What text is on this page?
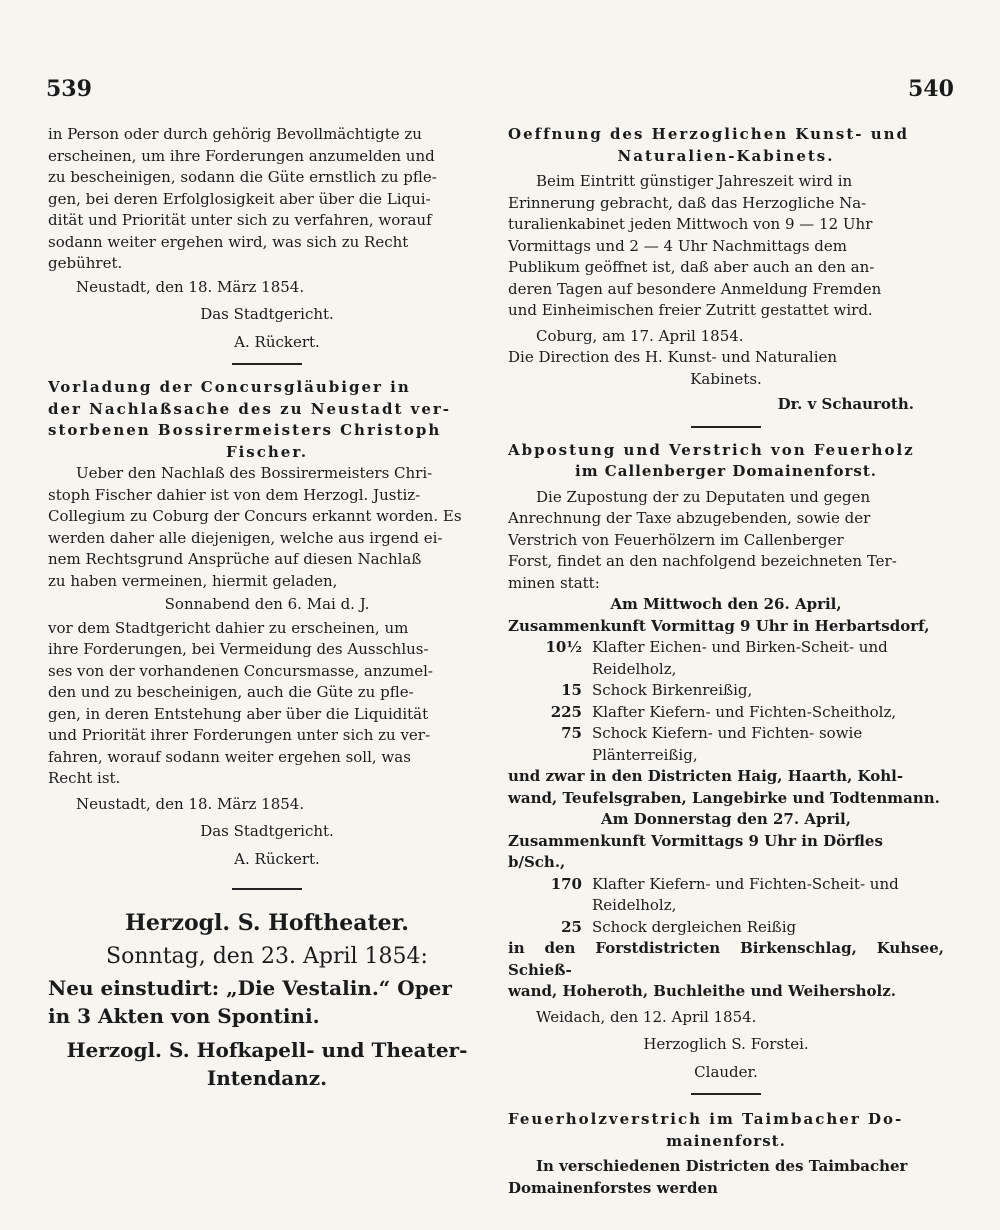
539	540

in Person oder durch gehörig Bevollmächtigte zu

erscheinen, um ihre Forderungen anzumelden und

zu bescheinigen, sodann die Güte ernstlich zu pfle-

gen, bei deren Erfolglosigkeit aber über die Liqui-

dität und Priorität unter sich zu verfahren, worauf

sodann weiter ergehen wird, was sich zu Recht

gebühret.

Neustadt, den 18. März 1854.

Das Stadtgericht.

A. Rückert.

Vorladung der Concursgläubiger in

der Nachlaßsache des zu Neustadt ver-

storbenen Bossirermeisters Christoph

Fischer.

Ueber den Nachlaß des Bossirermeisters Chri-

stoph Fischer dahier ist von dem Herzogl. Justiz-

Collegium zu Coburg der Concurs erkannt worden. Es

werden daher alle diejenigen, welche aus irgend ei-

nem Rechtsgrund Ansprüche auf diesen Nachlaß

zu haben vermeinen, hiermit geladen,

Sonnabend den 6. Mai d. J.

vor dem Stadtgericht dahier zu erscheinen, um

ihre Forderungen, bei Vermeidung des Ausschlus-

ses von der vorhandenen Concursmasse, anzumel-

den und zu bescheinigen, auch die Güte zu pfle-

gen, in deren Entstehung aber über die Liquidität

und Priorität ihrer Forderungen unter sich zu ver-

fahren, worauf sodann weiter ergehen soll, was

Recht ist.

Neustadt, den 18. März 1854.

Das Stadtgericht.

A. Rückert.

Herzogl. S. Hoftheater.

Sonntag, den 23. April 1854:

Neu einstudirt: „Die Vestalin.“ Oper

in 3 Akten von Spontini.

Herzogl. S. Hofkapell- und Theater-

Intendanz.

Oeffnung des Herzoglichen Kunst- und

Naturalien-Kabinets.

Beim Eintritt günstiger Jahreszeit wird in

Erinnerung gebracht, daß das Herzogliche Na-

turalienkabinet jeden Mittwoch von 9 — 12 Uhr

Vormittags und 2 — 4 Uhr Nachmittags dem

Publikum geöffnet ist, daß aber auch an den an-

deren Tagen auf besondere Anmeldung Fremden

und Einheimischen freier Zutritt gestattet wird.

Coburg, am 17. April 1854.

Die Direction des H. Kunst- und Naturalien

Kabinets.

Dr. v Schauroth.

Abpostung und Verstrich von Feuerholz

im Callenberger Domainenforst.

Die Zupostung der zu Deputaten und gegen

Anrechnung der Taxe abzugebenden, sowie der

Verstrich von Feuerhölzern im Callenberger

Forst, findet an den nachfolgend bezeichneten Ter-

minen statt:

Am Mittwoch den 26. April,

Zusammenkunft Vormittag 9 Uhr in Herbartsdorf,

10½ Klafter Eichen- und Birken-Scheit- und Reidelholz,
15 Schock Birkenreißig,
225 Klafter Kiefern- und Fichten-Scheitholz,
75 Schock Kiefern- und Fichten- sowie Plänterreißig,

und zwar in den Districten Haig, Haarth, Kohl-

wand, Teufelsgraben, Langebirke und Todtenmann.

Am Donnerstag den 27. April,

Zusammenkunft Vormittags 9 Uhr in Dörfles b/Sch.,

170 Klafter Kiefern- und Fichten-Scheit- und Reidelholz,
25 Schock dergleichen Reißig

in den Forstdistricten Birkenschlag, Kuhsee, Schieß-

wand, Hoheroth, Buchleithe und Weihersholz.

Weidach, den 12. April 1854.

Herzoglich S. Forstei.

Clauder.

Feuerholzverstrich im Taimbacher Do-

mainenforst.

In verschiedenen Districten des Taimbacher

Domainenforstes werden
